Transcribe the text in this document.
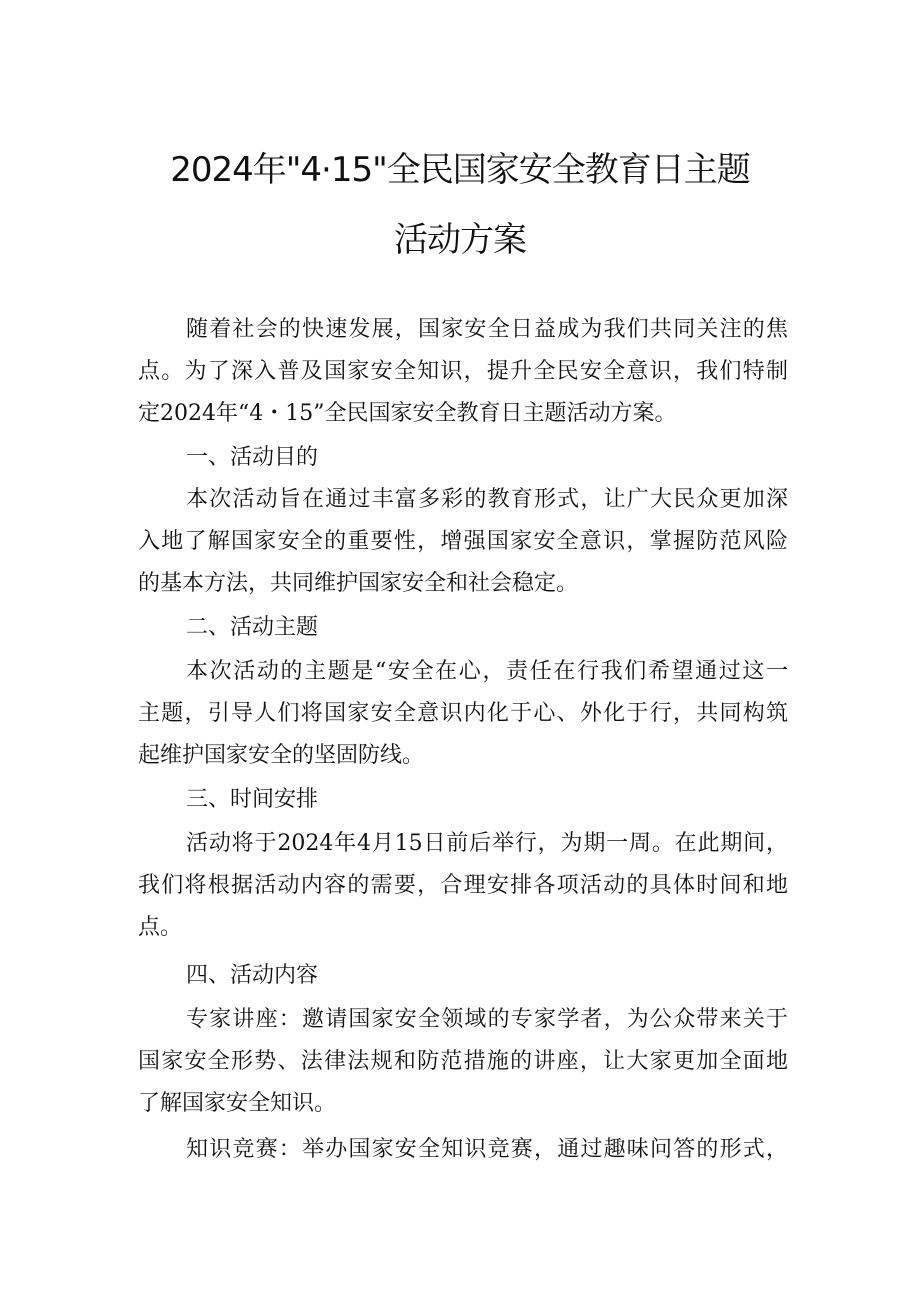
2024年"4·15"全民国家安全教育日主题
活动方案
随着社会的快速发展，国家安全日益成为我们共同关注的焦
点。为了深入普及国家安全知识，提升全民安全意识，我们特制
定2024年“4・15”全民国家安全教育日主题活动方案。
一、活动目的
本次活动旨在通过丰富多彩的教育形式，让广大民众更加深
入地了解国家安全的重要性，增强国家安全意识，掌握防范风险
的基本方法，共同维护国家安全和社会稳定。
二、活动主题
本次活动的主题是“安全在心，责任在行我们希望通过这一
主题，引导人们将国家安全意识内化于心、外化于行，共同构筑
起维护国家安全的坚固防线。
三、时间安排
活动将于2024年4月15日前后举行，为期一周。在此期间，
我们将根据活动内容的需要，合理安排各项活动的具体时间和地
点。
四、活动内容
专家讲座：邀请国家安全领域的专家学者，为公众带来关于
国家安全形势、法律法规和防范措施的讲座，让大家更加全面地
了解国家安全知识。
知识竞赛：举办国家安全知识竞赛，通过趣味问答的形式，
